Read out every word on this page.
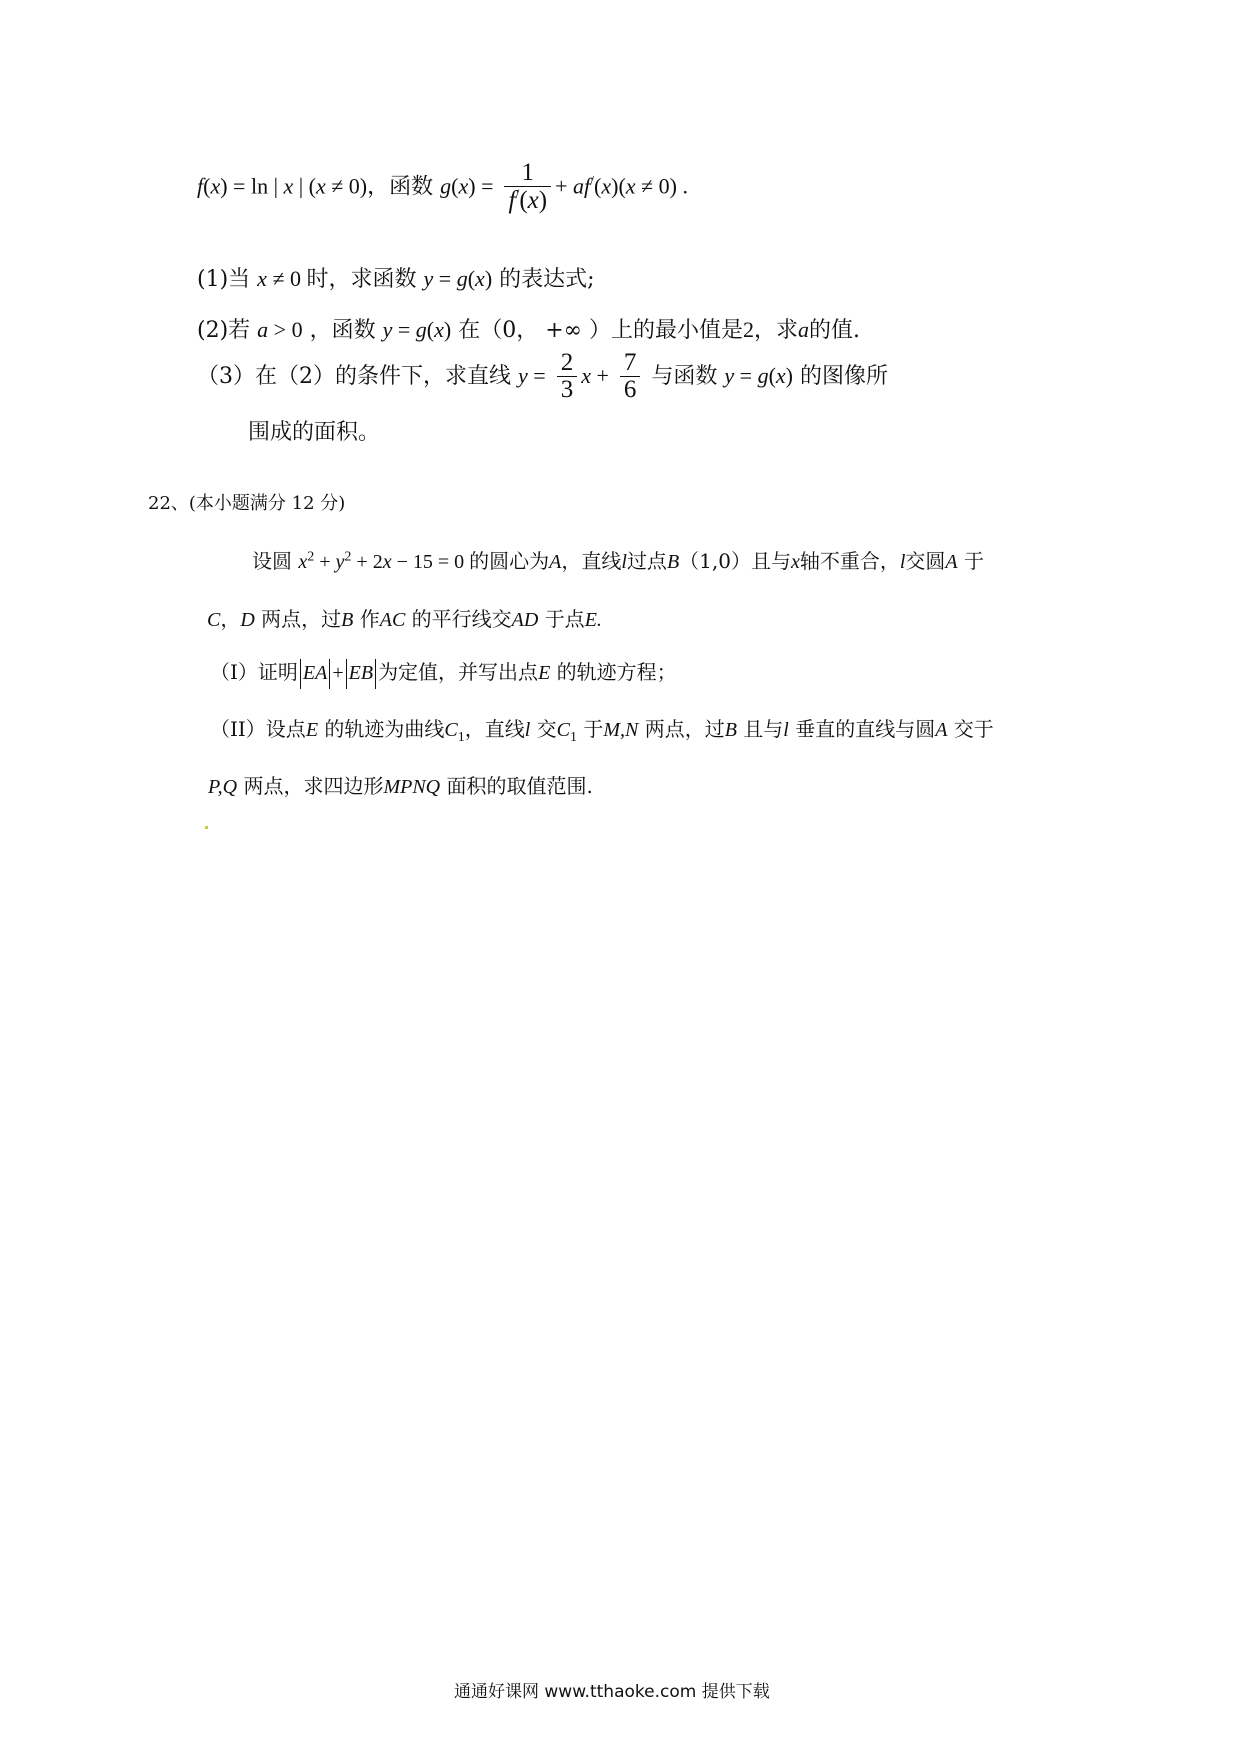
f(x) = ln | x | (x ≠ 0)，函数 $g(x) = \frac{1}{f^/(x)} + af^/(x)(x \ne 0)$ .
(1)当 x ≠ 0 时，求函数 y = g(x) 的表达式;
(2)若 a > 0 ，函数 y = g(x) 在（0， +∞ ）上的最小值是2，求a的值.
（3）在（2）的条件下，求直线 $y = \frac{2}{3}$ $x + \frac{7}{6}$ 与函数 y = g(x) 的图像所
围成的面积。
22、(本小题满分 12 分)
设圆 $x^2 + y^2 + 2x - 15 = 0$ 的圆心为A，直线l过点B（1,0）且与x轴不重合，l交圆A 于
C，D 两点，过B 作AC 的平行线交AD 于点E.
（I）证明 EA + EB 为定值，并写出点E 的轨迹方程；
（II）设点E 的轨迹为曲线$C_1$，直线l 交$C_1$ 于M,N 两点，过B 且与l 垂直的直线与圆A 交于
P,Q 两点，求四边形MPNQ 面积的取值范围.
通通好课网 www.tthaoke.com 提供下载
